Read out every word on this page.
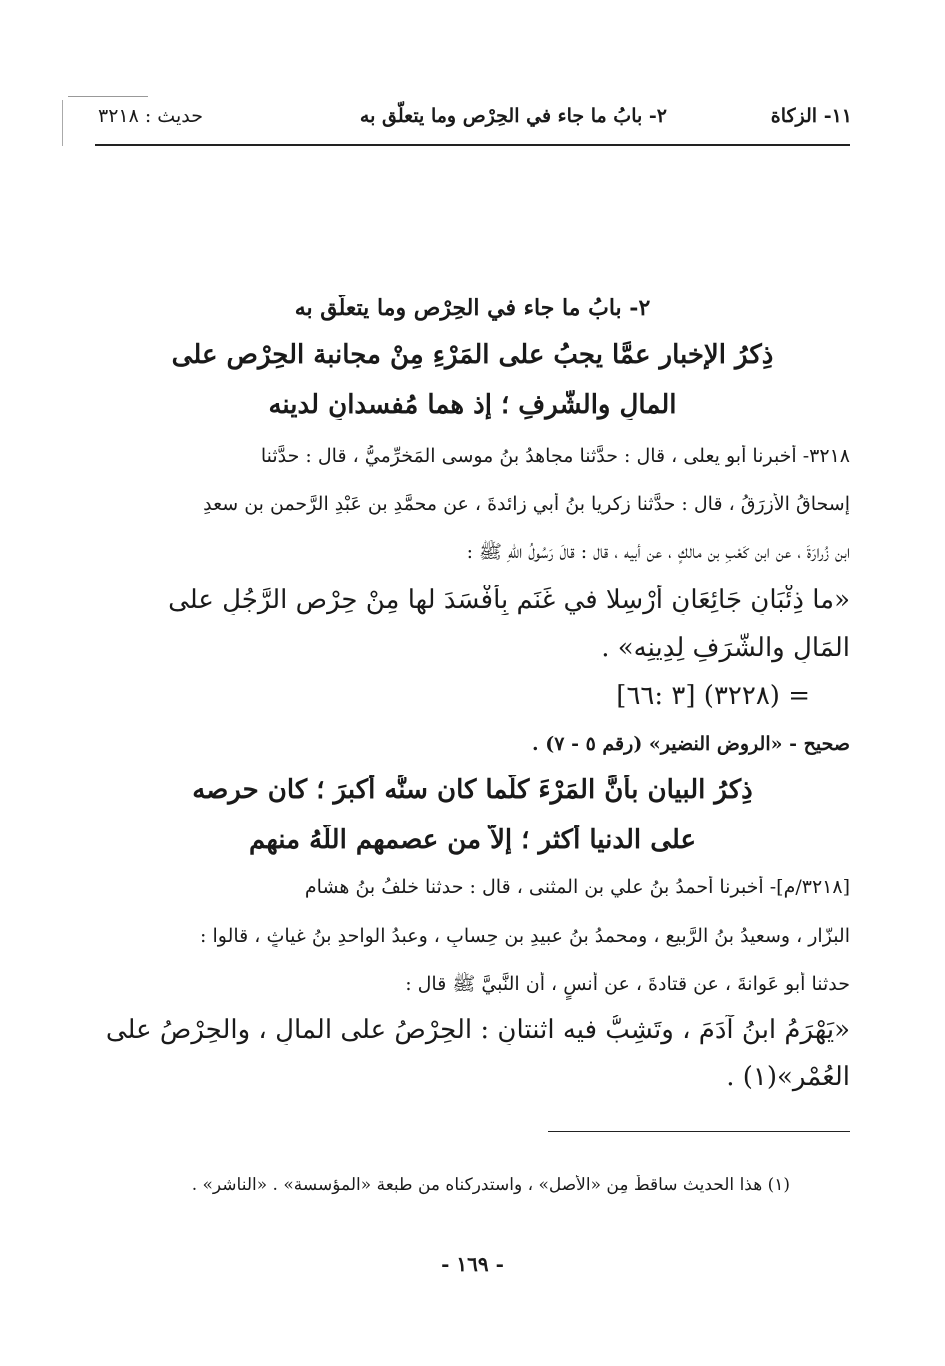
١١- الزكاة
٢- بابُ ما جاء في الحِرْص وما يتعلّق به
حديث : ٣٢١٨
٢- بابُ ما جاء في الحِرْص وما يتعلّق به
ذِكرُ الإخبار عمَّا يجبُ على المَرْءِ مِنْ مجانبة الحِرْصِ على
المالِ والشَّرفِ ؛ إذ هما مُفسدانِ لدينه
٣٢١٨- أخبرنا أبو يعلى ، قال : حدَّثنا مجاهدُ بنُ موسى المَخرِّميُّ ، قال : حدَّثنا
إسحاقُ الأزرَقُ ، قال : حدَّثنا زكريا بنُ أبي زائدةَ ، عن محمَّدِ بن عَبْدِ الرَّحمن بن سعدِ
ابن زُرارَةَ ، عن ابن كَعْبِ بن مالكٍ ، عن أبيه ، قال : قالَ رَسُولُ اللّهِ ﷺ :
«ما ذِئْبَانِ جَائِعَانِ أُرْسِلا في غَنَمٍ بِأَفْسَدَ لها مِنْ حِرْصِ الرَّجُلِ على
المَالِ والشَّرَفِ لِدِينِه» .
= (٣٢٢٨) [٣ :٦٦]
صحيح - «الروض النضير» (رقم ٥ - ٧) .
ذِكرُ البيان بأنَّ المَرْءَ كلَّما كان سنُّه أكبرَ ؛ كان حرصه
على الدنيا أكثر ؛ إلاَّ من عصمهم اللّهُ منهم
[٣٢١٨/م]- أخبرنا أحمدُ بنُ علي بن المثنى ، قال : حدثنا خلفُ بنُ هشامٍ
البزّار ، وسعيدُ بنُ الرَّبيع ، ومحمدُ بنُ عبيدِ بن حِسابٍ ، وعبدُ الواحدِ بنُ غياثٍ ، قالوا :
حدثنا أبو عَوانةَ ، عن قتادةَ ، عن أنسٍ ، أن النَّبيَّ ﷺ قال :
«يَهْرَمُ ابنُ آدَمَ ، وتَشِبُّ فيه اثنتانِ : الحِرْصُ على المالِ ، والحِرْصُ على
العُمْرِ»(١) .
(١) هذا الحديث ساقطٌ مِن «الأصل» ، واستدركناه من طبعة «المؤسسة» . «الناشر» .
- ١٦٩ -
